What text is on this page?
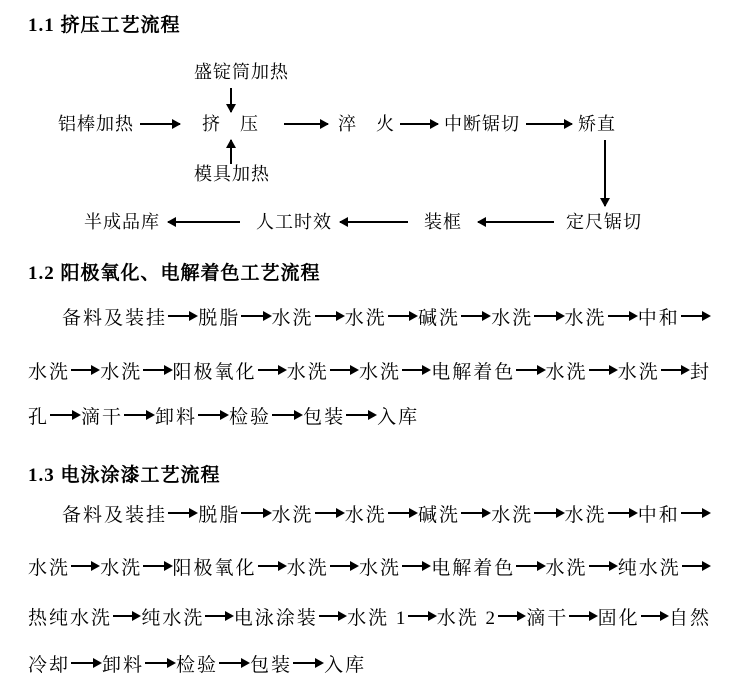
1.1 挤压工艺流程
盛锭筒加热
铝棒加热	挤　压	淬　火	中断锯切	矫直
模具加热
半成品库	人工时效	装框	定尺锯切
1.2 阳极氧化、电解着色工艺流程
备料及装挂 脱脂 水洗 水洗 碱洗 水洗 水洗 中和
水洗 水洗 阳极氧化 水洗 水洗 电解着色 水洗 水洗 封
孔 滴干 卸料 检验 包装 入库
1.3 电泳涂漆工艺流程
备料及装挂 脱脂 水洗 水洗 碱洗 水洗 水洗 中和
水洗 水洗 阳极氧化 水洗 水洗 电解着色 水洗 纯水洗
热纯水洗 纯水洗 电泳涂装 水洗 1 水洗 2 滴干 固化 自然
冷却 卸料 检验 包装 入库
